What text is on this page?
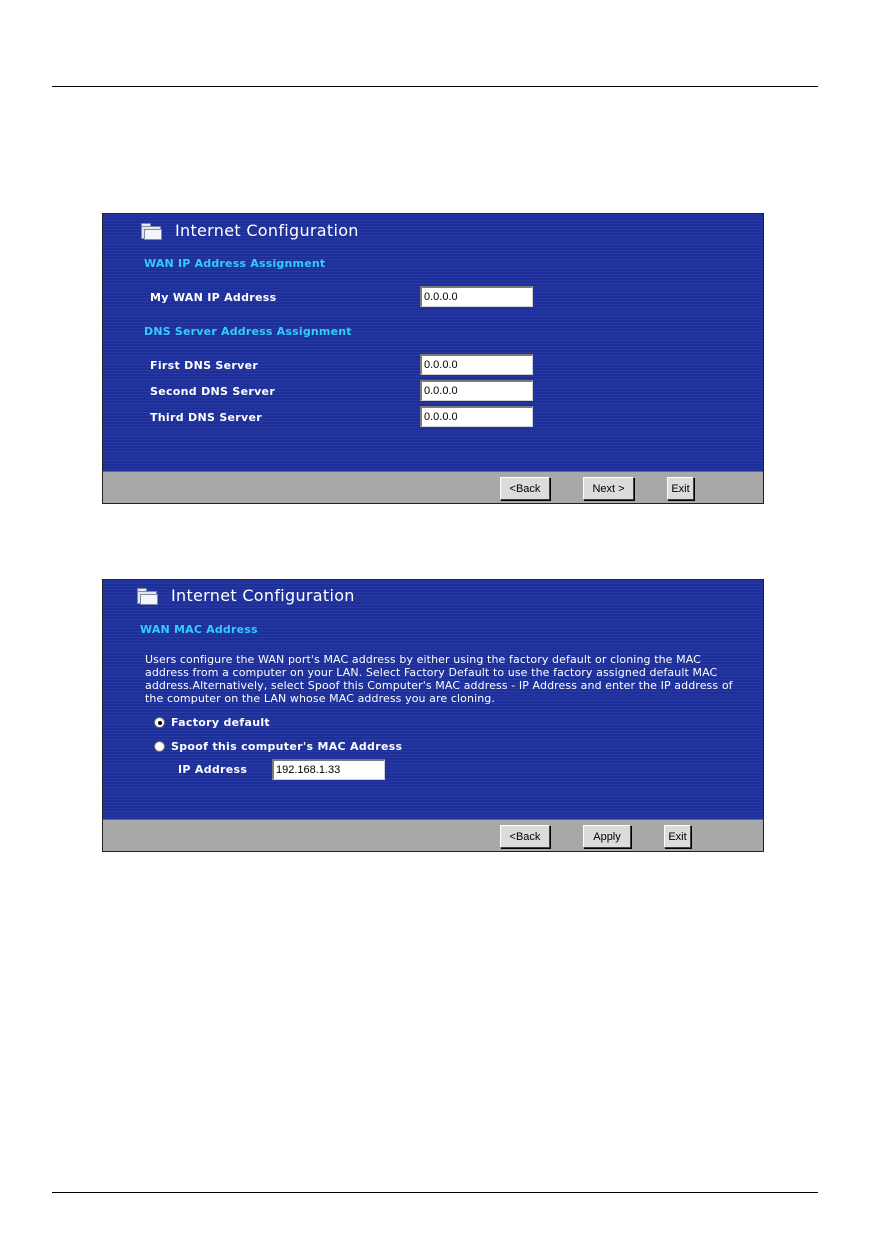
Internet Configuration
WAN IP Address Assignment
My WAN IP Address
0.0.0.0
DNS Server Address Assignment
First DNS Server
0.0.0.0
Second DNS Server
0.0.0.0
Third DNS Server
0.0.0.0
<Back	Next >	Exit
Internet Configuration
WAN MAC Address
Users configure the WAN port's MAC address by either using the factory default or cloning the MAC address from a computer on your LAN. Select Factory Default to use the factory assigned default MAC address.Alternatively, select Spoof this Computer's MAC address - IP Address and enter the IP address of the computer on the LAN whose MAC address you are cloning.
Factory default
Spoof this computer's MAC Address
IP Address
192.168.1.33
<Back	Apply	Exit
